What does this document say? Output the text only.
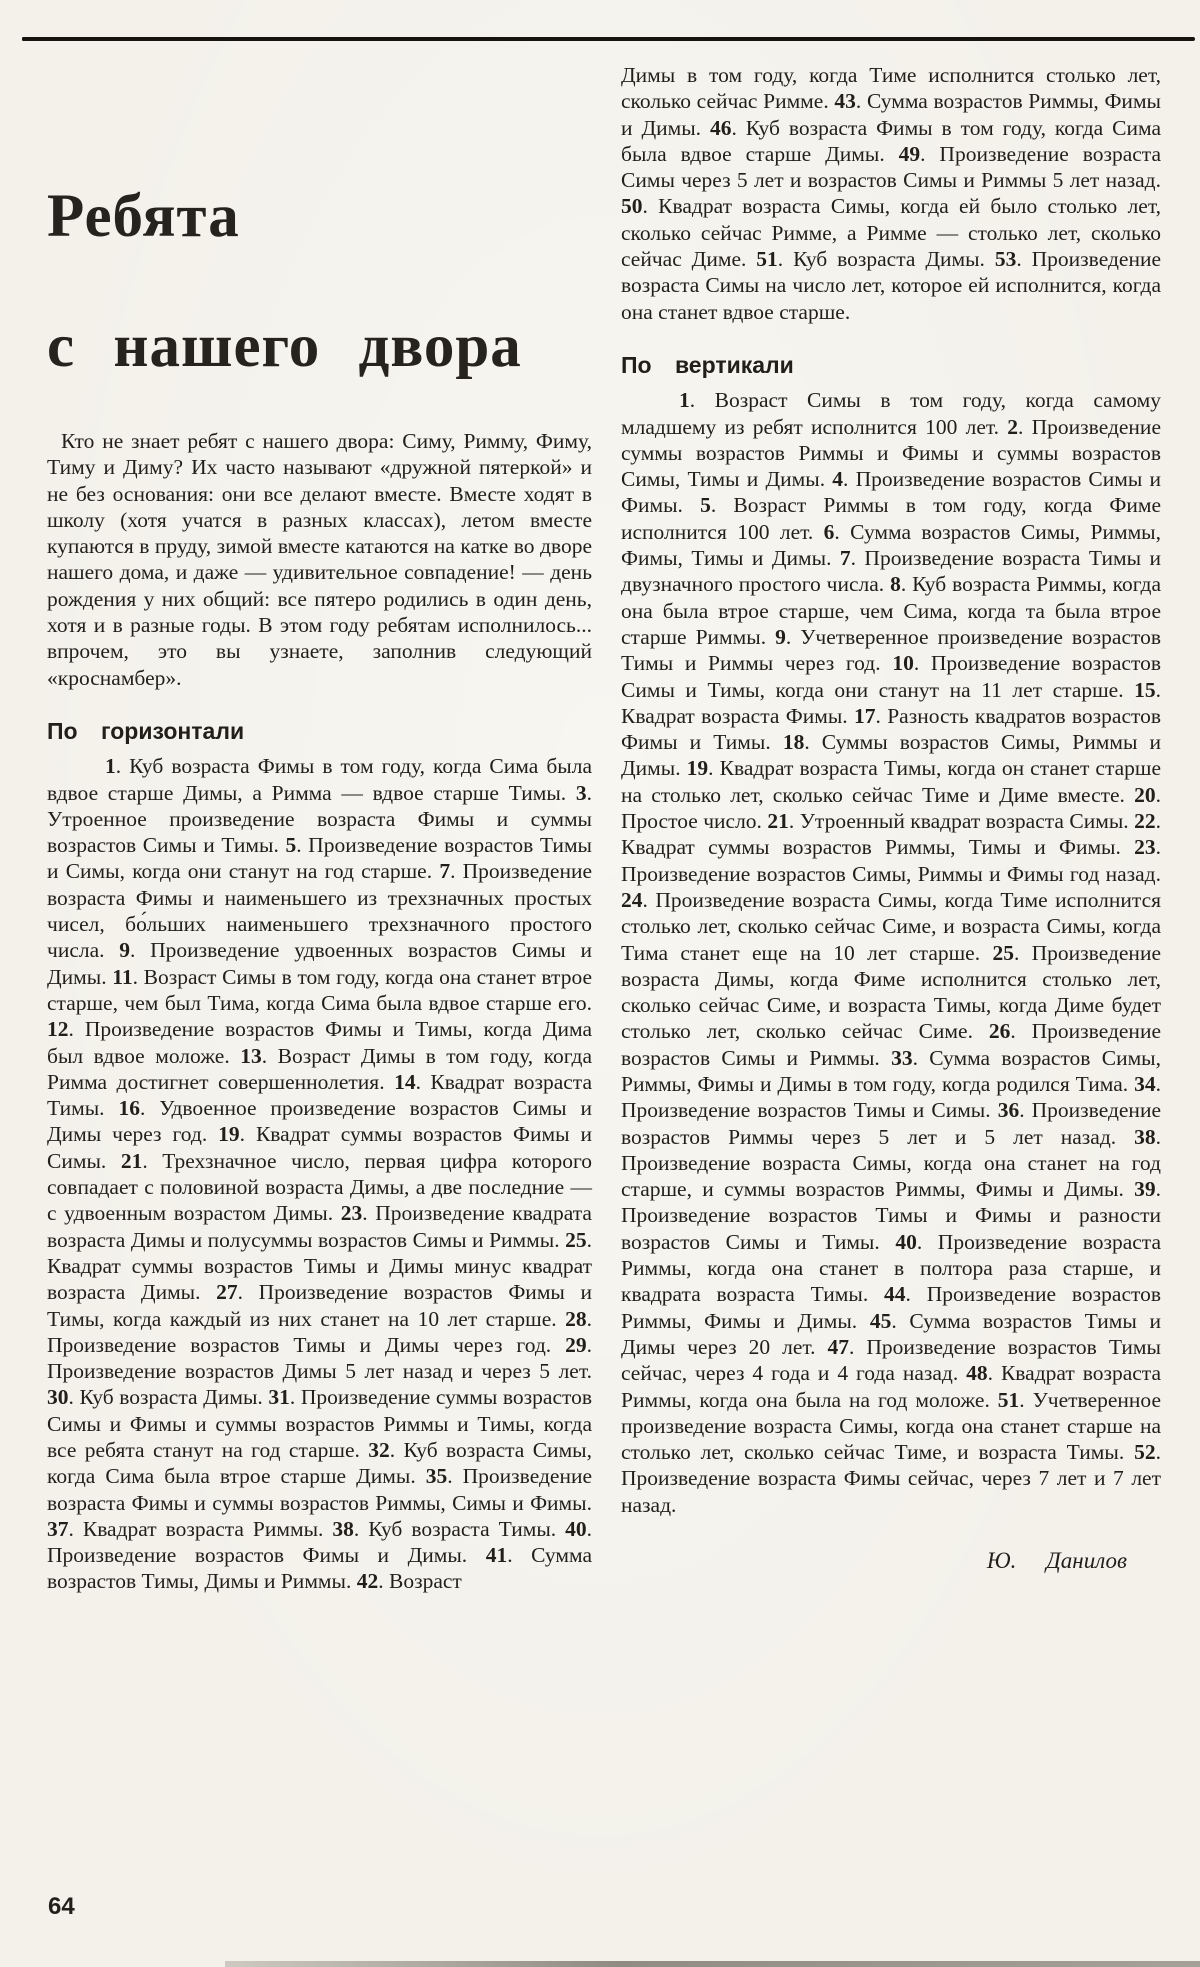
Ребята
с нашего двора

Кто не знает ребят с нашего двора: Симу, Римму, Фиму, Тиму и Диму? Их часто называют «дружной пятеркой» и не без основания: они все делают вместе. Вместе ходят в школу (хотя учатся в разных классах), летом вместе купаются в пруду, зимой вместе катаются на катке во дворе нашего дома, и даже — удивительное совпадение! — день рождения у них общий: все пятеро родились в один день, хотя и в разные годы. В этом году ребятам исполнилось... впрочем, это вы узнаете, заполнив следующий «кроснамбер».

По горизонтали

1. Куб возраста Фимы в том году, когда Сима была вдвое старше Димы, а Римма — вдвое старше Тимы. 3. Утроенное произведение возраста Фимы и суммы возрастов Симы и Тимы. 5. Произведение возрастов Тимы и Симы, когда они станут на год старше. 7. Произведение возраста Фимы и наименьшего из трехзначных простых чисел, бо́льших наименьшего трехзначного простого числа. 9. Произведение удвоенных возрастов Симы и Димы. 11. Возраст Симы в том году, когда она станет втрое старше, чем был Тима, когда Сима была вдвое старше его. 12. Произведение возрастов Фимы и Тимы, когда Дима был вдвое моложе. 13. Возраст Димы в том году, когда Римма достигнет совершеннолетия. 14. Квадрат возраста Тимы. 16. Удвоенное произведение возрастов Симы и Димы через год. 19. Квадрат суммы возрастов Фимы и Симы. 21. Трехзначное число, первая цифра которого совпадает с половиной возраста Димы, а две последние — с удвоенным возрастом Димы. 23. Произведение квадрата возраста Димы и полусуммы возрастов Симы и Риммы. 25. Квадрат суммы возрастов Тимы и Димы минус квадрат возраста Димы. 27. Произведение возрастов Фимы и Тимы, когда каждый из них станет на 10 лет старше. 28. Произведение возрастов Тимы и Димы через год. 29. Произведение возрастов Димы 5 лет назад и через 5 лет. 30. Куб возраста Димы. 31. Произведение суммы возрастов Симы и Фимы и суммы возрастов Риммы и Тимы, когда все ребята станут на год старше. 32. Куб возраста Симы, когда Сима была втрое старше Димы. 35. Произведение возраста Фимы и суммы возрастов Риммы, Симы и Фимы. 37. Квадрат возраста Риммы. 38. Куб возраста Тимы. 40. Произведение возрастов Фимы и Димы. 41. Сумма возрастов Тимы, Димы и Риммы. 42. Возраст

Димы в том году, когда Тиме исполнится столько лет, сколько сейчас Римме. 43. Сумма возрастов Риммы, Фимы и Димы. 46. Куб возраста Фимы в том году, когда Сима была вдвое старше Димы. 49. Произведение возраста Симы через 5 лет и возрастов Симы и Риммы 5 лет назад. 50. Квадрат возраста Симы, когда ей было столько лет, сколько сейчас Римме, а Римме — столько лет, сколько сейчас Диме. 51. Куб возраста Димы. 53. Произведение возраста Симы на число лет, которое ей исполнится, когда она станет вдвое старше.

По вертикали

1. Возраст Симы в том году, когда самому младшему из ребят исполнится 100 лет. 2. Произведение суммы возрастов Риммы и Фимы и суммы возрастов Симы, Тимы и Димы. 4. Произведение возрастов Симы и Фимы. 5. Возраст Риммы в том году, когда Фиме исполнится 100 лет. 6. Сумма возрастов Симы, Риммы, Фимы, Тимы и Димы. 7. Произведение возраста Тимы и двузначного простого числа. 8. Куб возраста Риммы, когда она была втрое старше, чем Сима, когда та была втрое старше Риммы. 9. Учетверенное произведение возрастов Тимы и Риммы через год. 10. Произведение возрастов Симы и Тимы, когда они станут на 11 лет старше. 15. Квадрат возраста Фимы. 17. Разность квадратов возрастов Фимы и Тимы. 18. Суммы возрастов Симы, Риммы и Димы. 19. Квадрат возраста Тимы, когда он станет старше на столько лет, сколько сейчас Тиме и Диме вместе. 20. Простое число. 21. Утроенный квадрат возраста Симы. 22. Квадрат суммы возрастов Риммы, Тимы и Фимы. 23. Произведение возрастов Симы, Риммы и Фимы год назад. 24. Произведение возраста Симы, когда Тиме исполнится столько лет, сколько сейчас Симе, и возраста Симы, когда Тима станет еще на 10 лет старше. 25. Произведение возраста Димы, когда Фиме исполнится столько лет, сколько сейчас Симе, и возраста Тимы, когда Диме будет столько лет, сколько сейчас Симе. 26. Произведение возрастов Симы и Риммы. 33. Сумма возрастов Симы, Риммы, Фимы и Димы в том году, когда родился Тима. 34. Произведение возрастов Тимы и Симы. 36. Произведение возрастов Риммы через 5 лет и 5 лет назад. 38. Произведение возраста Симы, когда она станет на год старше, и суммы возрастов Риммы, Фимы и Димы. 39. Произведение возрастов Тимы и Фимы и разности возрастов Симы и Тимы. 40. Произведение возраста Риммы, когда она станет в полтора раза старше, и квадрата возраста Тимы. 44. Произведение возрастов Риммы, Фимы и Димы. 45. Сумма возрастов Тимы и Димы через 20 лет. 47. Произведение возрастов Тимы сейчас, через 4 года и 4 года назад. 48. Квадрат возраста Риммы, когда она была на год моложе. 51. Учетверенное произведение возраста Симы, когда она станет старше на столько лет, сколько сейчас Тиме, и возраста Тимы. 52. Произведение возраста Фимы сейчас, через 7 лет и 7 лет назад.

Ю. Данилов

64
